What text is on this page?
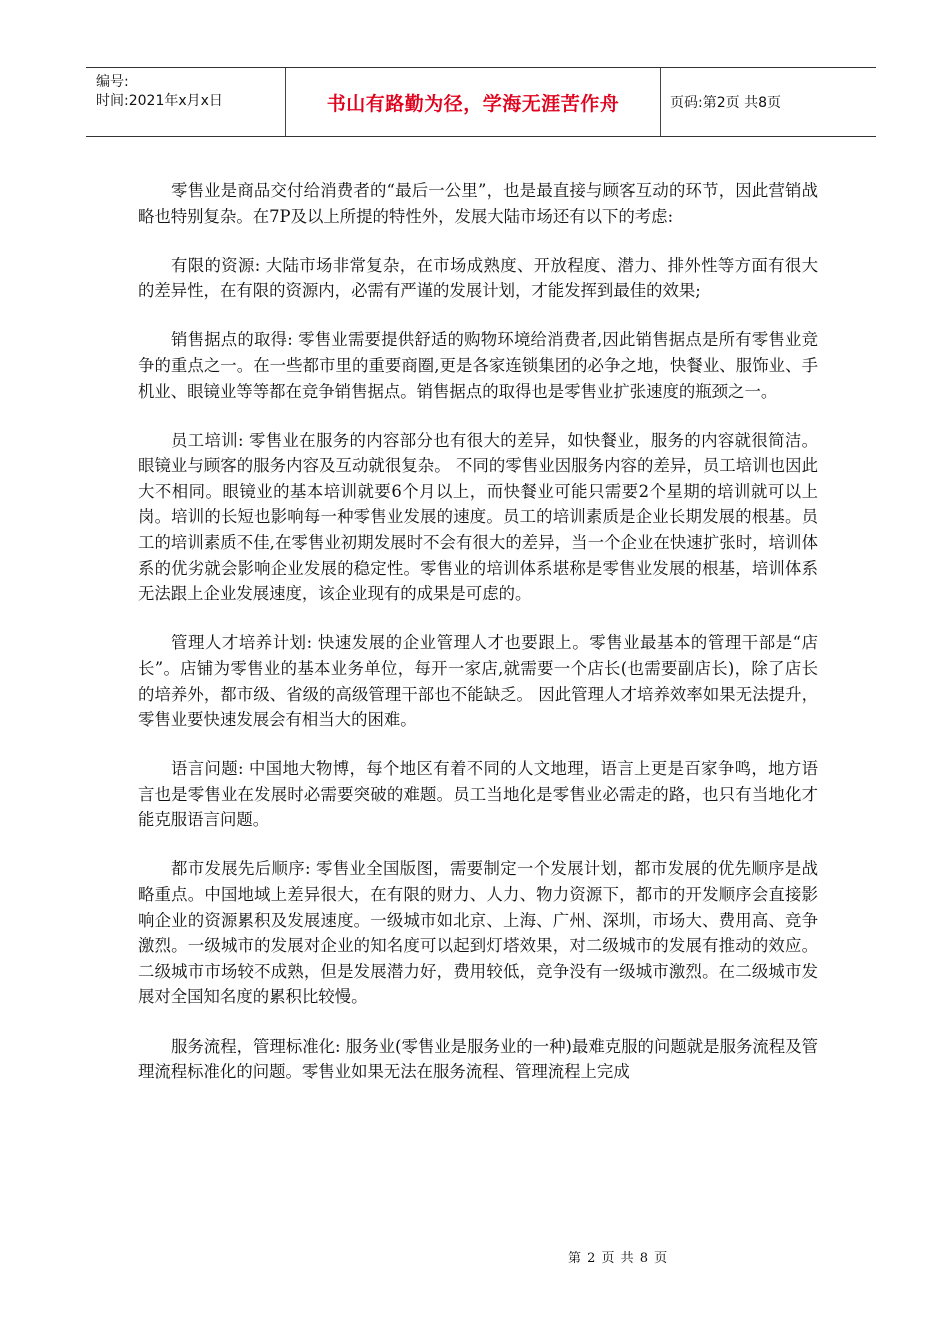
编号:
时间:2021年x月x日	书山有路勤为径，学海无涯苦作舟	页码:第2页 共8页

零售业是商品交付给消费者的“最后一公里”，也是最直接与顾客互动的环节，因此营销战略也特别复杂。在7P及以上所提的特性外，发展大陆市场还有以下的考虑:

有限的资源: 大陆市场非常复杂，在市场成熟度、开放程度、潜力、排外性等方面有很大的差异性，在有限的资源内，必需有严谨的发展计划，才能发挥到最佳的效果;

销售据点的取得: 零售业需要提供舒适的购物环境给消费者,因此销售据点是所有零售业竞争的重点之一。在一些都市里的重要商圈,更是各家连锁集团的必争之地，快餐业、服饰业、手机业、眼镜业等等都在竞争销售据点。销售据点的取得也是零售业扩张速度的瓶颈之一。

员工培训: 零售业在服务的内容部分也有很大的差异，如快餐业，服务的内容就很简洁。 眼镜业与顾客的服务内容及互动就很复杂。 不同的零售业因服务内容的差异，员工培训也因此大不相同。眼镜业的基本培训就要6个月以上，而快餐业可能只需要2个星期的培训就可以上岗。培训的长短也影响每一种零售业发展的速度。员工的培训素质是企业长期发展的根基。员工的培训素质不佳,在零售业初期发展时不会有很大的差异，当一个企业在快速扩张时，培训体系的优劣就会影响企业发展的稳定性。零售业的培训体系堪称是零售业发展的根基，培训体系无法跟上企业发展速度，该企业现有的成果是可虑的。

管理人才培养计划: 快速发展的企业管理人才也要跟上。零售业最基本的管理干部是“店长”。店铺为零售业的基本业务单位，每开一家店,就需要一个店长(也需要副店长)，除了店长的培养外，都市级、省级的高级管理干部也不能缺乏。 因此管理人才培养效率如果无法提升，零售业要快速发展会有相当大的困难。

语言问题: 中国地大物博，每个地区有着不同的人文地理，语言上更是百家争鸣，地方语言也是零售业在发展时必需要突破的难题。员工当地化是零售业必需走的路，也只有当地化才能克服语言问题。

都市发展先后顺序: 零售业全国版图，需要制定一个发展计划，都市发展的优先顺序是战略重点。中国地域上差异很大，在有限的财力、人力、物力资源下，都市的开发顺序会直接影响企业的资源累积及发展速度。一级城市如北京、上海、广州、深圳，市场大、费用高、竞争激烈。一级城市的发展对企业的知名度可以起到灯塔效果，对二级城市的发展有推动的效应。二级城市市场较不成熟，但是发展潜力好，费用较低，竞争没有一级城市激烈。在二级城市发展对全国知名度的累积比较慢。

服务流程，管理标准化: 服务业(零售业是服务业的一种)最难克服的问题就是服务流程及管理流程标准化的问题。零售业如果无法在服务流程、管理流程上完成

第 2 页 共 8 页
